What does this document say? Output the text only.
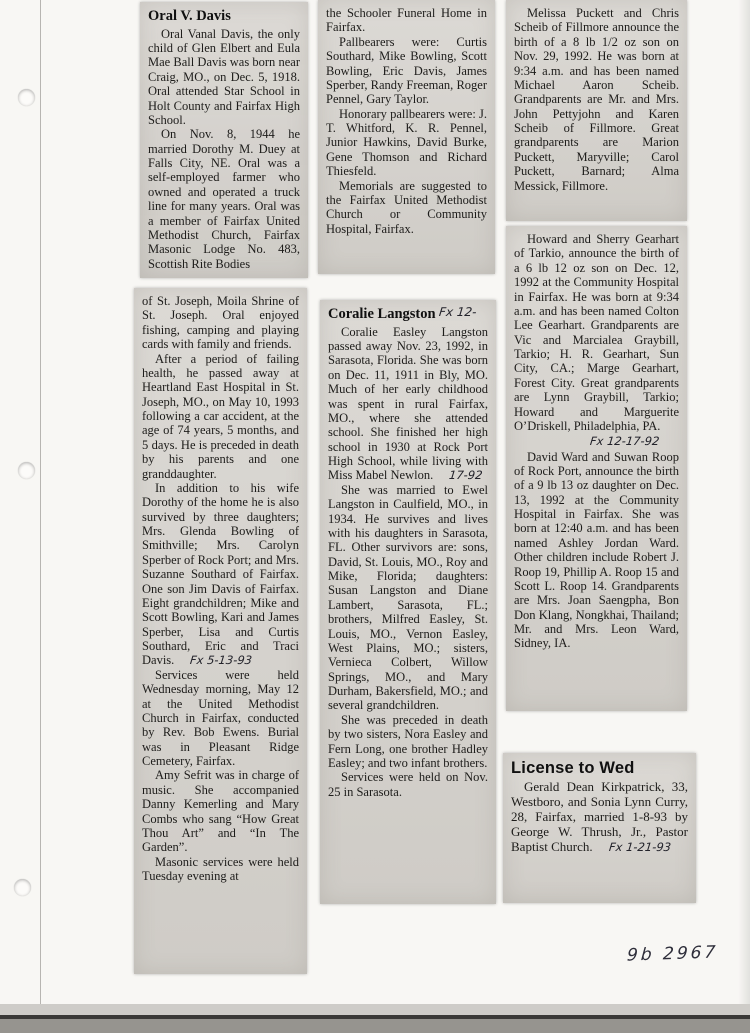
Oral V. Davis

Oral Vanal Davis, the only child of Glen Elbert and Eula Mae Ball Davis was born near Craig, MO., on Dec. 5, 1918. Oral attended Star School in Holt County and Fairfax High School.

On Nov. 8, 1944 he married Dorothy M. Duey at Falls City, NE. Oral was a self-employed farmer who owned and operated a truck line for many years. Oral was a member of Fairfax United Methodist Church, Fairfax Masonic Lodge No. 483, Scottish Rite Bodies

of St. Joseph, Moila Shrine of St. Joseph. Oral enjoyed fishing, camping and playing cards with family and friends.

After a period of failing health, he passed away at Heartland East Hospital in St. Joseph, MO., on May 10, 1993 following a car accident, at the age of 74 years, 5 months, and 5 days. He is preceded in death by his parents and one granddaughter.

In addition to his wife Dorothy of the home he is also survived by three daughters; Mrs. Glenda Bowling of Smithville; Mrs. Carolyn Sperber of Rock Port; and Mrs. Suzanne Southard of Fairfax. One son Jim Davis of Fairfax. Eight grandchildren; Mike and Scott Bowling, Kari and James Sperber, Lisa and Curtis Southard, Eric and Traci Davis. Fx 5-13-93

Services were held Wednesday morning, May 12 at the United Methodist Church in Fairfax, conducted by Rev. Bob Ewens. Burial was in Pleasant Ridge Cemetery, Fairfax.

Amy Sefrit was in charge of music. She accompanied Danny Kemerling and Mary Combs who sang “How Great Thou Art” and “In The Garden”.

Masonic services were held Tuesday evening at

the Schooler Funeral Home in Fairfax.

Pallbearers were: Curtis Southard, Mike Bowling, Scott Bowling, Eric Davis, James Sperber, Randy Freeman, Roger Pennel, Gary Taylor.

Honorary pallbearers were: J. T. Whitford, K. R. Pennel, Junior Hawkins, David Burke, Gene Thomson and Richard Thiesfeld.

Memorials are suggested to the Fairfax United Methodist Church or Community Hospital, Fairfax.

Coralie Langston Fx 12-

Coralie Easley Langston passed away Nov. 23, 1992, in Sarasota, Florida. She was born on Dec. 11, 1911 in Bly, MO. Much of her early childhood was spent in rural Fairfax, MO., where she attended school. She finished her high school in 1930 at Rock Port High School, while living with Miss Mabel Newlon. 17-92

She was married to Ewel Langston in Caulfield, MO., in 1934. He survives and lives with his daughters in Sarasota, FL. Other survivors are: sons, David, St. Louis, MO., Roy and Mike, Florida; daughters: Susan Langston and Diane Lambert, Sarasota, FL.; brothers, Milfred Easley, St. Louis, MO., Vernon Easley, West Plains, MO.; sisters, Vernieca Colbert, Willow Springs, MO., and Mary Durham, Bakersfield, MO.; and several grandchildren.

She was preceded in death by two sisters, Nora Easley and Fern Long, one brother Hadley Easley; and two infant brothers.

Services were held on Nov. 25 in Sarasota.

Melissa Puckett and Chris Scheib of Fillmore announce the birth of a 8 lb 1/2 oz son on Nov. 29, 1992. He was born at 9:34 a.m. and has been named Michael Aaron Scheib. Grandparents are Mr. and Mrs. John Pettyjohn and Karen Scheib of Fillmore. Great grandparents are Marion Puckett, Maryville; Carol Puckett, Barnard; Alma Messick, Fillmore.

Howard and Sherry Gearhart of Tarkio, announce the birth of a 6 lb 12 oz son on Dec. 12, 1992 at the Community Hospital in Fairfax. He was born at 9:34 a.m. and has been named Colton Lee Gearhart. Grandparents are Vic and Marcialea Graybill, Tarkio; H. R. Gearhart, Sun City, CA.; Marge Gearhart, Forest City. Great grandparents are Lynn Graybill, Tarkio; Howard and Marguerite O’Driskell, Philadelphia, PA.

Fx 12-17-92

David Ward and Suwan Roop of Rock Port, announce the birth of a 9 lb 13 oz daughter on Dec. 13, 1992 at the Community Hospital in Fairfax. She was born at 12:40 a.m. and has been named Ashley Jordan Ward. Other children include Robert J. Roop 19, Phillip A. Roop 15 and Scott L. Roop 14. Grandparents are Mrs. Joan Saengpha, Bon Don Klang, Nongkhai, Thailand; Mr. and Mrs. Leon Ward, Sidney, IA.

License to Wed

Gerald Dean Kirkpatrick, 33, Westboro, and Sonia Lynn Curry, 28, Fairfax, married 1-8-93 by George W. Thrush, Jr., Pastor Baptist Church. Fx 1-21-93

9b 2967
